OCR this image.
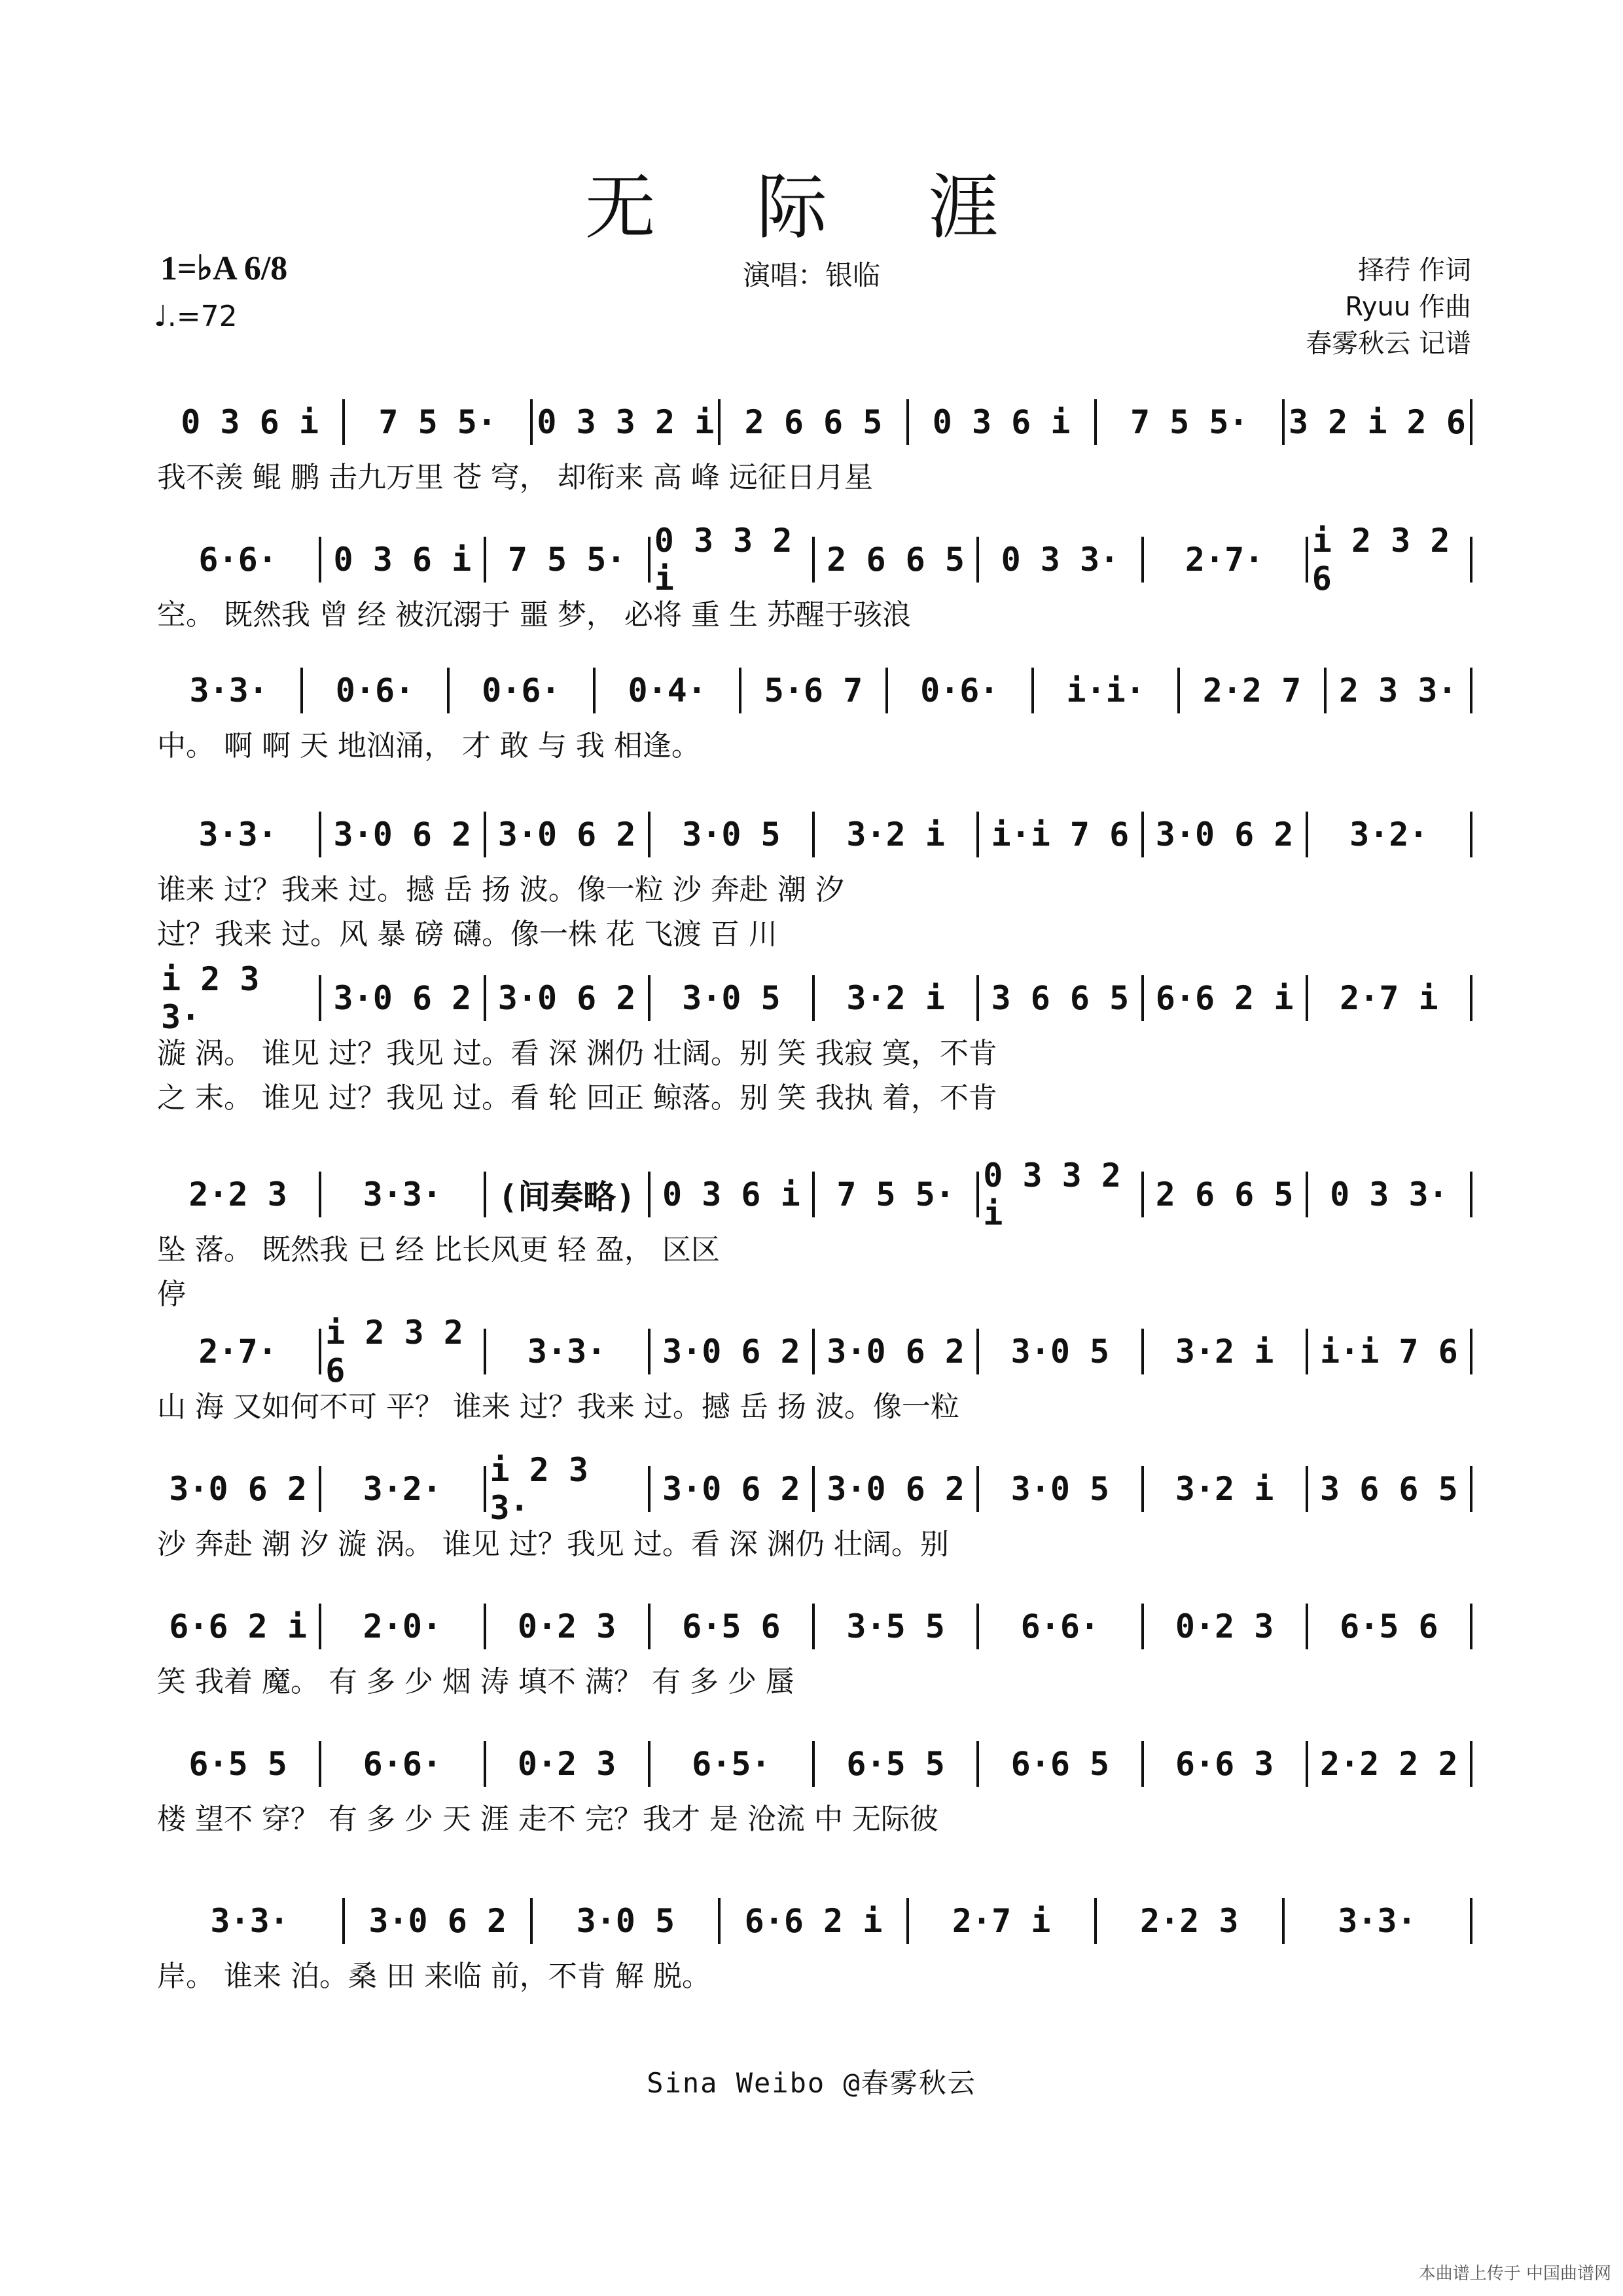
无 际 涯
1=♭A 6/8
♩.=72
演唱：银临	择荇 作词
Ryuu 作曲
春雾秋云 记谱
0 3 6 i	7 5 5·	0 3 3 2 i 2 6 6 5	0 3 6 i	7 5 5·	3 2 i 2 6
我不羡 鲲 鹏 击九万里 苍 穹， 却衔来 高 峰 远征日月星
6·6·	0 3 6 i	7 5 5· 0 3 3 2 i	2 6 6 5	0 3 3·	2·7·	i 2 3 2 6
空。 既然我 曾 经 被沉溺于 噩 梦， 必将 重 生 苏醒于骇浪
3·3·	0·6·	0·6·	0·4·	5·6 7	0·6·	i·i·	2·2 7	2 3 3·
中。 啊 啊 天 地汹涌， 才 敢 与 我 相逢。
3·3·	3·0 6 2 3·0 6 2	3·0 5	3·2 i	i·i 7 6 3·0 6 2	3·2·
谁来 过？我来 过。撼 岳 扬 波。像一粒 沙 奔赴 潮 汐
过？我来 过。风 暴 磅 礴。像一株 花 飞渡 百 川
i 2 3 3·	3·0 6 2 3·0 6 2	3·0 5	3·2 i	3 6 6 5 6·6 2 i	2·7 i
漩 涡。 谁见 过？我见 过。看 深 渊仍 壮阔。别 笑 我寂 寞，不肯
之 末。 谁见 过？我见 过。看 轮 回正 鲸落。别 笑 我执 着，不肯
2·2 3	3·3·	(间奏略) 0 3 6 i	7 5 5· 0 3 3 2 i	2 6 6 5	0 3 3·
坠 落。 既然我 已 经 比长风更 轻 盈， 区区
停
2·7·	i 2 3 2 6	3·3·	3·0 6 2 3·0 6 2	3·0 5	3·2 i	i·i 7 6
山 海 又如何不可 平？ 谁来 过？我来 过。撼 岳 扬 波。像一粒
3·0 6 2	3·2·	i 2 3 3·	3·0 6 2 3·0 6 2	3·0 5	3·2 i	3 6 6 5
沙 奔赴 潮 汐 漩 涡。 谁见 过？我见 过。看 深 渊仍 壮阔。别
6·6 2 i	2·0·	0·2 3	6·5 6	3·5 5	6·6·	0·2 3	6·5 6
笑 我着 魔。 有 多 少 烟 涛 填不 满？ 有 多 少 蜃
6·5 5	6·6·	0·2 3	6·5·	6·5 5	6·6 5	6·6 3	2·2 2 2
楼 望不 穿？ 有 多 少 天 涯 走不 完？我才 是 沧流 中 无际彼
3·3·	3·0 6 2	3·0 5	6·6 2 i	2·7 i	2·2 3	3·3·
岸。 谁来 泊。桑 田 来临 前，不肯 解 脱。
Sina Weibo @春雾秋云
本曲谱上传于 中国曲谱网
